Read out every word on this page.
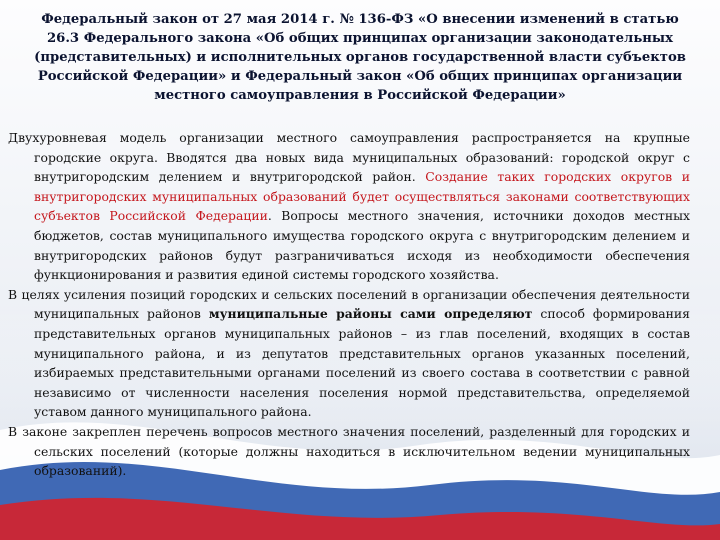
Федеральный закон от 27 мая 2014 г. № 136-ФЗ «О внесении изменений в статью 26.3 Федерального закона «Об общих принципах организации законодательных (представительных) и исполнительных органов государственной власти субъектов Российской Федерации» и Федеральный закон «Об общих принципах организации местного самоуправления в Российской Федерации»

Двухуровневая модель организации местного самоуправления распространяется на крупные городские округа. Вводятся два новых вида муниципальных образований: городской округ с внутригородским делением и внутригородской район. Создание таких городских округов и внутригородских муниципальных образований будет осуществляться законами соответствующих субъектов Российской Федерации. Вопросы местного значения, источники доходов местных бюджетов, состав муниципального имущества городского округа с внутригородским делением и внутригородских районов будут разграничиваться исходя из необходимости обеспечения функционирования и развития единой системы городского хозяйства.

В целях усиления позиций городских и сельских поселений в организации обеспечения деятельности муниципальных районов муниципальные районы сами определяют способ формирования представительных органов муниципальных районов – из глав поселений, входящих в состав муниципального района, и из депутатов представительных органов указанных поселений, избираемых представительными органами поселений из своего состава в соответствии с равной независимо от численности населения поселения нормой представительства, определяемой уставом данного муниципального района.

В законе закреплен перечень вопросов местного значения поселений, разделенный для городских и сельских поселений (которые должны находиться в исключительном ведении муниципальных образований).
